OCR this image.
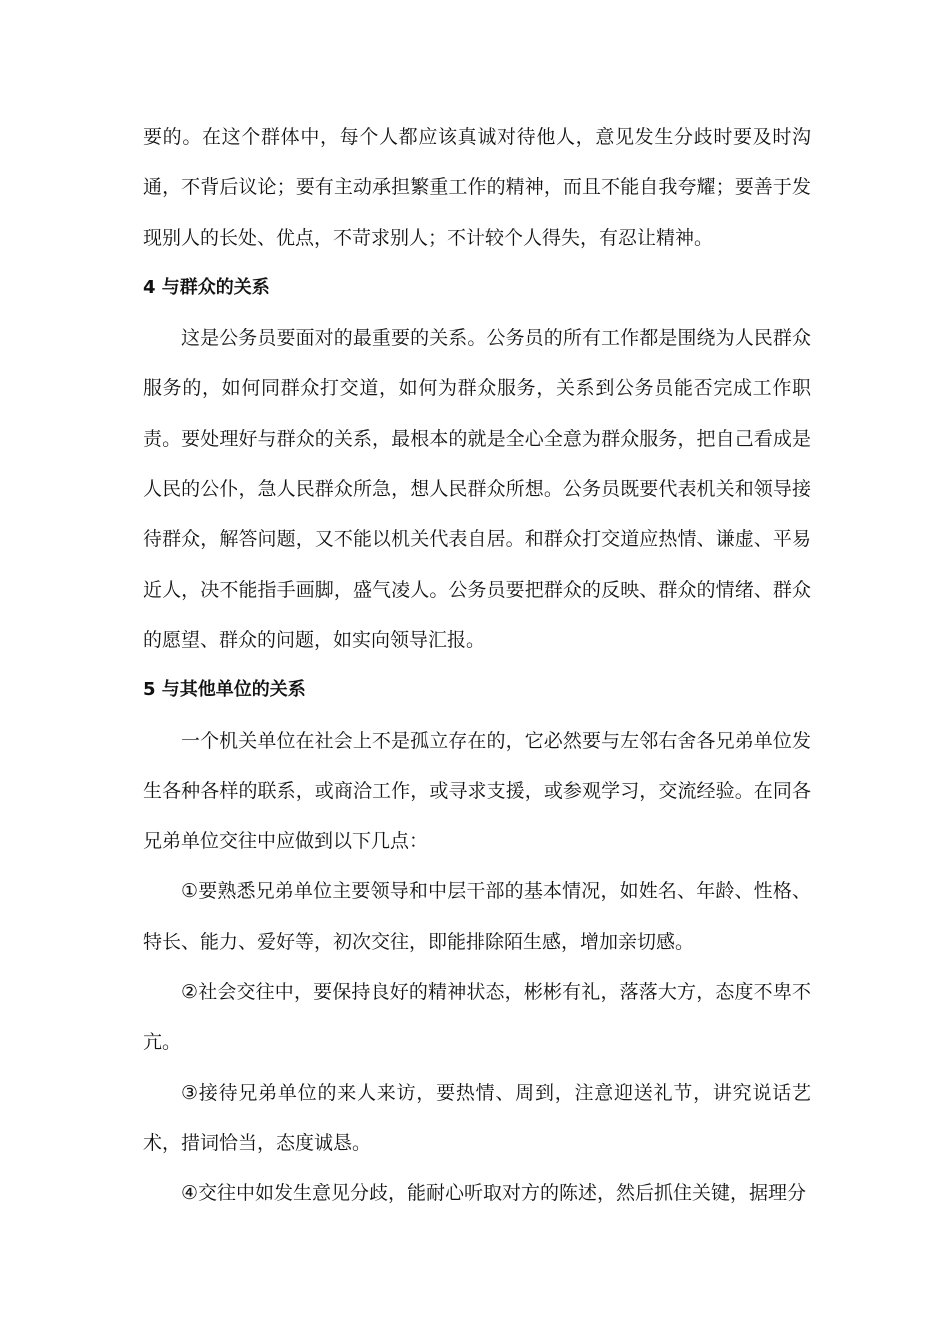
要的。在这个群体中，每个人都应该真诚对待他人，意见发生分歧时要及时沟通，不背后议论；要有主动承担繁重工作的精神，而且不能自我夸耀；要善于发现别人的长处、优点，不苛求别人；不计较个人得失，有忍让精神。

4 与群众的关系

这是公务员要面对的最重要的关系。公务员的所有工作都是围绕为人民群众服务的，如何同群众打交道，如何为群众服务，关系到公务员能否完成工作职责。要处理好与群众的关系，最根本的就是全心全意为群众服务，把自己看成是人民的公仆，急人民群众所急，想人民群众所想。公务员既要代表机关和领导接待群众，解答问题，又不能以机关代表自居。和群众打交道应热情、谦虚、平易近人，决不能指手画脚，盛气凌人。公务员要把群众的反映、群众的情绪、群众的愿望、群众的问题，如实向领导汇报。

5 与其他单位的关系

一个机关单位在社会上不是孤立存在的，它必然要与左邻右舍各兄弟单位发生各种各样的联系，或商洽工作，或寻求支援，或参观学习，交流经验。在同各兄弟单位交往中应做到以下几点：

①要熟悉兄弟单位主要领导和中层干部的基本情况，如姓名、年龄、性格、特长、能力、爱好等，初次交往，即能排除陌生感，增加亲切感。

②社会交往中，要保持良好的精神状态，彬彬有礼，落落大方，态度不卑不亢。

③接待兄弟单位的来人来访，要热情、周到，注意迎送礼节，讲究说话艺术，措词恰当，态度诚恳。

④交往中如发生意见分歧，能耐心听取对方的陈述，然后抓住关键，据理分
